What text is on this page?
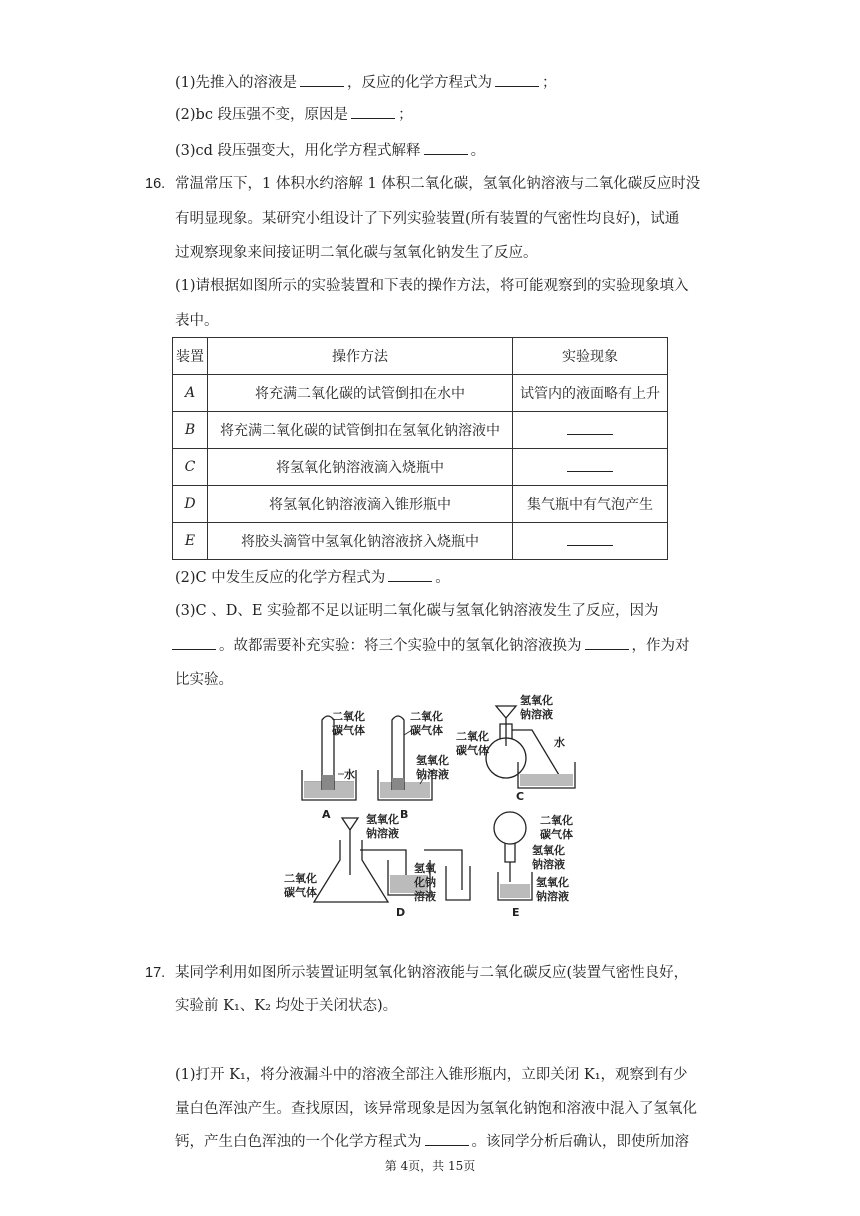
(1)先推入的溶液是	，反应的化学方程式为	；
(2)bc 段压强不变，原因是	；
(3)cd 段压强变大，用化学方程式解释	。
16. 常温常压下，1 体积水约溶解 1 体积二氧化碳，氢氧化钠溶液与二氧化碳反应时没
有明显现象。某研究小组设计了下列实验装置(所有装置的气密性均良好)，试通
过观察现象来间接证明二氧化碳与氢氧化钠发生了反应。
(1)请根据如图所示的实验装置和下表的操作方法，将可能观察到的实验现象填入
表中。
装置	操作方法	实验现象
A	将充满二氧化碳的试管倒扣在水中	试管内的液面略有上升
B	将充满二氧化碳的试管倒扣在氢氧化钠溶液中	
C	将氢氧化钠溶液滴入烧瓶中	
D	将氢氧化钠溶液滴入锥形瓶中	集气瓶中有气泡产生
E	将胶头滴管中氢氧化钠溶液挤入烧瓶中	
(2)C 中发生反应的化学方程式为	。
(3)C 、D、E 实验都不足以证明二氧化碳与氢氧化钠溶液发生了反应，因为
。故都需要补充实验：将三个实验中的氢氧化钠溶液换为	，作为对
比实验。
二氧化
碳气体
水
A
二氧化
碳气体
氢氧化
钠溶液
B
氢氧化
钠溶液
二氧化
碳气体
水
C
氢氧化
钠溶液
二氧化
碳气体
氢氧
化钠
溶液
D
二氧化
碳气体
氢氧化
钠溶液
氢氧化
钠溶液
E
17. 某同学利用如图所示装置证明氢氧化钠溶液能与二氧化碳反应(装置气密性良好，
实验前 K₁、K₂ 均处于关闭状态)。
(1)打开 K₁，将分液漏斗中的溶液全部注入锥形瓶内，立即关闭 K₁，观察到有少
量白色浑浊产生。查找原因，该异常现象是因为氢氧化钠饱和溶液中混入了氢氧化
钙，产生白色浑浊的一个化学方程式为	。该同学分析后确认，即使所加溶
第 4页，共 15页
